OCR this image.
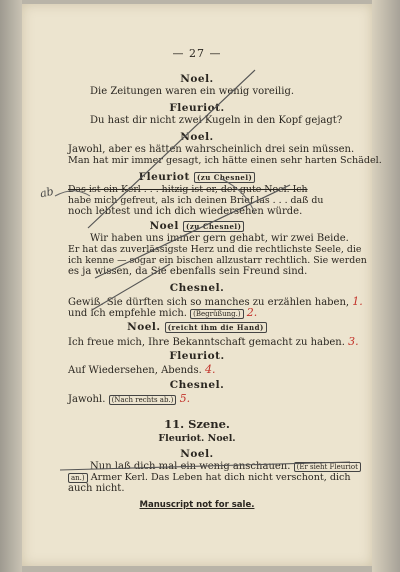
— 27 —
Noel.
Die Zeitungen waren ein wenig voreilig.
Fleuriot.
Du hast dir nicht zwei Kugeln in den Kopf gejagt?
Noel.
Jawohl, aber es hätten wahrscheinlich drei sein müssen.
Man hat mir immer gesagt, ich hätte einen sehr harten Schädel.
Fleuriot (zu Chesnel)
Das ist ein Kerl . . . hitzig ist er, der gute Noel. Ich
habe mich gefreut, als ich deinen Brief las . . . daß du
noch lebtest und ich dich wiedersehen würde.
Noel (zu Chesnel)
Wir haben uns immer gern gehabt, wir zwei Beide.
Er hat das zuverlässigste Herz und die rechtlichste Seele, die
ich kenne — sogar ein bischen allzustarr rechtlich. Sie werden
es ja wissen, da Sie ebenfalls sein Freund sind.
Chesnel.
Gewiß. Sie dürften sich so manches zu erzählen haben, 1.
und ich empfehle mich. (Begrüßung.) 2.
Noel. (reicht ihm die Hand)
Ich freue mich, Ihre Bekanntschaft gemacht zu haben. 3.
Fleuriot.
Auf Wiedersehen, Abends. 4.
Chesnel.
Jawohl. (Nach rechts ab.) 5.
11. Szene.
Fleuriot. Noel.
Noel.
Nun laß dich mal ein wenig anschauen. (Er sieht Fleuriot
an.) Armer Kerl. Das Leben hat dich nicht verschont, dich
auch nicht.
Manuscript not for sale.
ab
